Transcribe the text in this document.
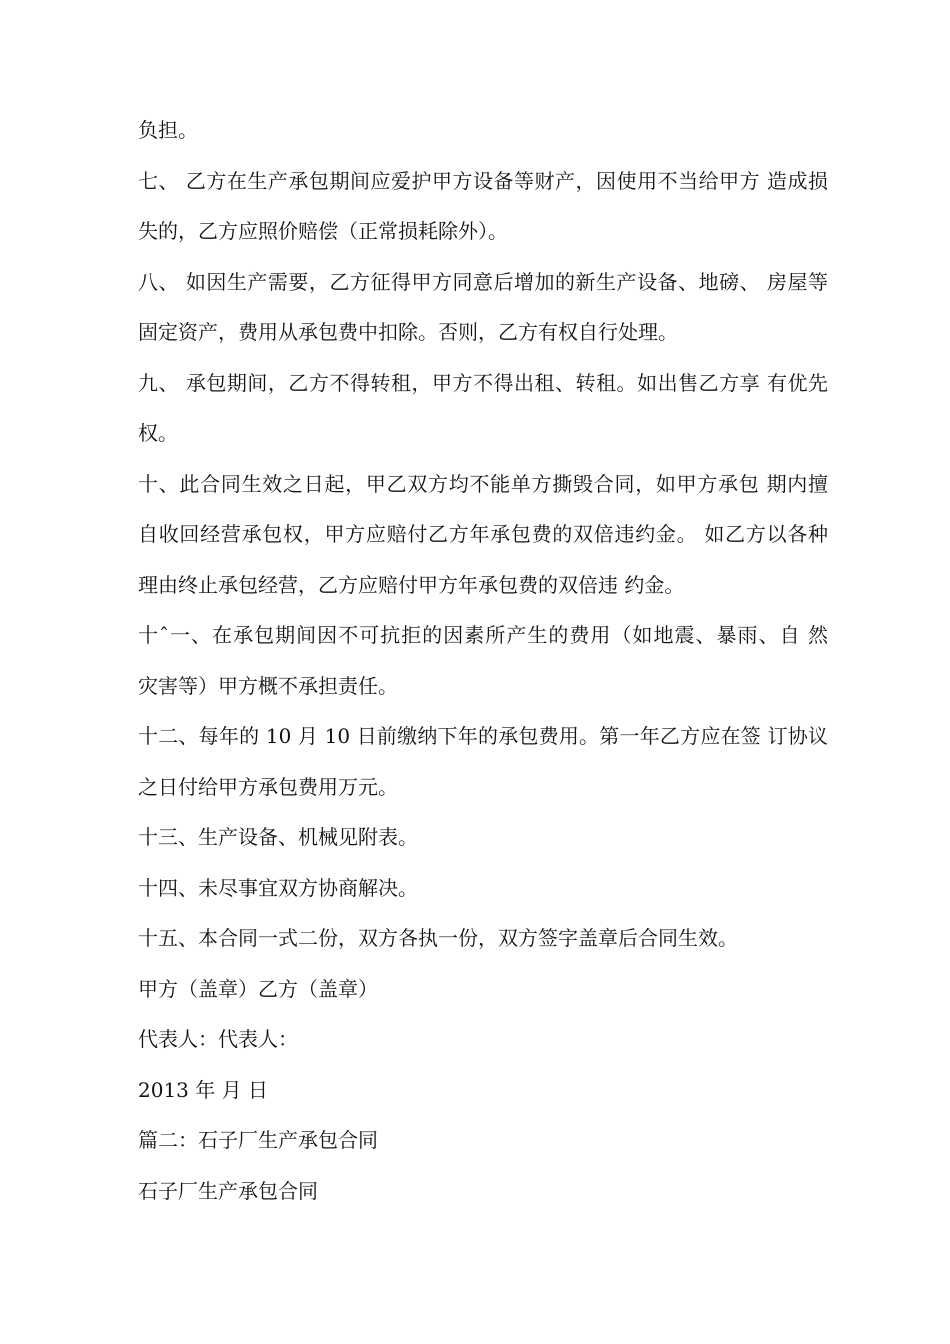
负担。
七、 乙方在生产承包期间应爱护甲方设备等财产，因使用不当给甲方 造成损
失的，乙方应照价赔偿（正常损耗除外）。
八、 如因生产需要，乙方征得甲方同意后增加的新生产设备、地磅、 房屋等
固定资产，费用从承包费中扣除。否则，乙方有权自行处理。
九、 承包期间，乙方不得转租，甲方不得出租、转租。如出售乙方享 有优先
权。
十、此合同生效之日起，甲乙双方均不能单方撕毁合同，如甲方承包 期内擅
自收回经营承包权，甲方应赔付乙方年承包费的双倍违约金。 如乙方以各种
理由终止承包经营，乙方应赔付甲方年承包费的双倍违 约金。
十ˆ一、在承包期间因不可抗拒的因素所产生的费用（如地震、暴雨、自 然
灾害等）甲方概不承担责任。
十二、每年的 10 月 10 日前缴纳下年的承包费用。第一年乙方应在签 订协议
之日付给甲方承包费用万元。
十三、生产设备、机械见附表。
十四、未尽事宜双方协商解决。
十五、本合同一式二份，双方各执一份，双方签字盖章后合同生效。
甲方（盖章）乙方（盖章）
代表人：代表人：
2013 年 月 日
篇二：石子厂生产承包合同
石子厂生产承包合同
